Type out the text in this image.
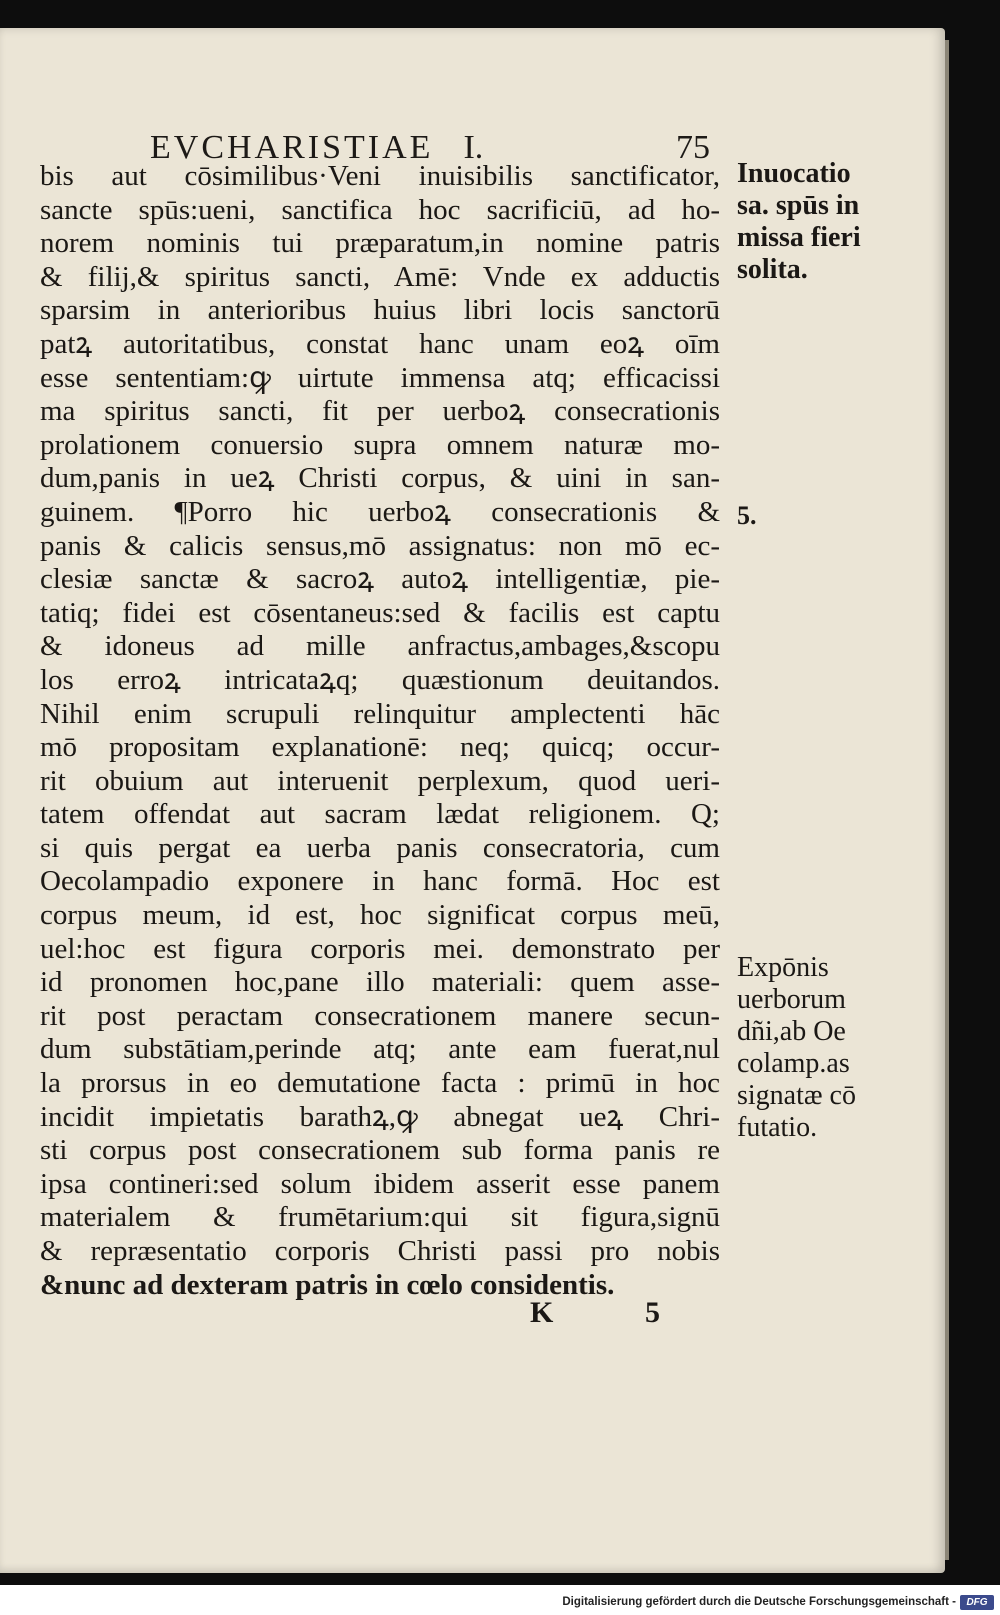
EVCHARISTIAE I.	75
bis aut cōsimilibus·Veni inuisibilis sanctificator,
sancte spūs:ueni, sanctifica hoc sacrificiū, ad ho-
norem nominis tui præparatum,in nomine patris
& filij,& spiritus sancti, Amē: Vnde ex adductis
sparsim in anterioribus huius libri locis sanctorū
patꝝ autoritatibus, constat hanc unam eoꝝ oīm
esse sententiam:ꝙ uirtute immensa atq; efficacissi
ma spiritus sancti, fit per uerboꝝ consecrationis
prolationem conuersio supra omnem naturæ mo-
dum,panis in ueꝝ Christi corpus, & uini in san-
guinem. ¶Porro hic uerboꝝ consecrationis &
panis & calicis sensus,mō assignatus: non mō ec-
clesiæ sanctæ & sacroꝝ autoꝝ intelligentiæ, pie-
tatiq; fidei est cōsentaneus:sed & facilis est captu
& idoneus ad mille anfractus,ambages,&scopu
los erroꝝ intricataꝝq; quæstionum deuitandos.
Nihil enim scrupuli relinquitur amplectenti hāc
mō propositam explanationē: neq; quicq; occur-
rit obuium aut interuenit perplexum, quod ueri-
tatem offendat aut sacram lædat religionem. Q;
si quis pergat ea uerba panis consecratoria, cum
Oecolampadio exponere in hanc formā. Hoc est
corpus meum, id est, hoc significat corpus meū,
uel:hoc est figura corporis mei. demonstrato per
id pronomen hoc,pane illo materiali: quem asse-
rit post peractam consecrationem manere secun-
dum substātiam,perinde atq; ante eam fuerat,nul
la prorsus in eo demutatione facta : primū in hoc
incidit impietatis barathꝝ,ꝙ abnegat ueꝝ Chri-
sti corpus post consecrationem sub forma panis re
ipsa contineri:sed solum ibidem asserit esse panem
materialem & frumētarium:qui sit figura,signū
& repræsentatio corporis Christi passi pro nobis
&nunc ad dexteram patris in cœlo considentis.
Inuocatio
sa. spūs in
missa fieri
solita.
5.
Expōnis
uerborum
dñi,ab Oe
colamp.as
signatæ cō
futatio.
K	5
Digitalisierung gefördert durch die Deutsche Forschungsgemeinschaft -	DFG
